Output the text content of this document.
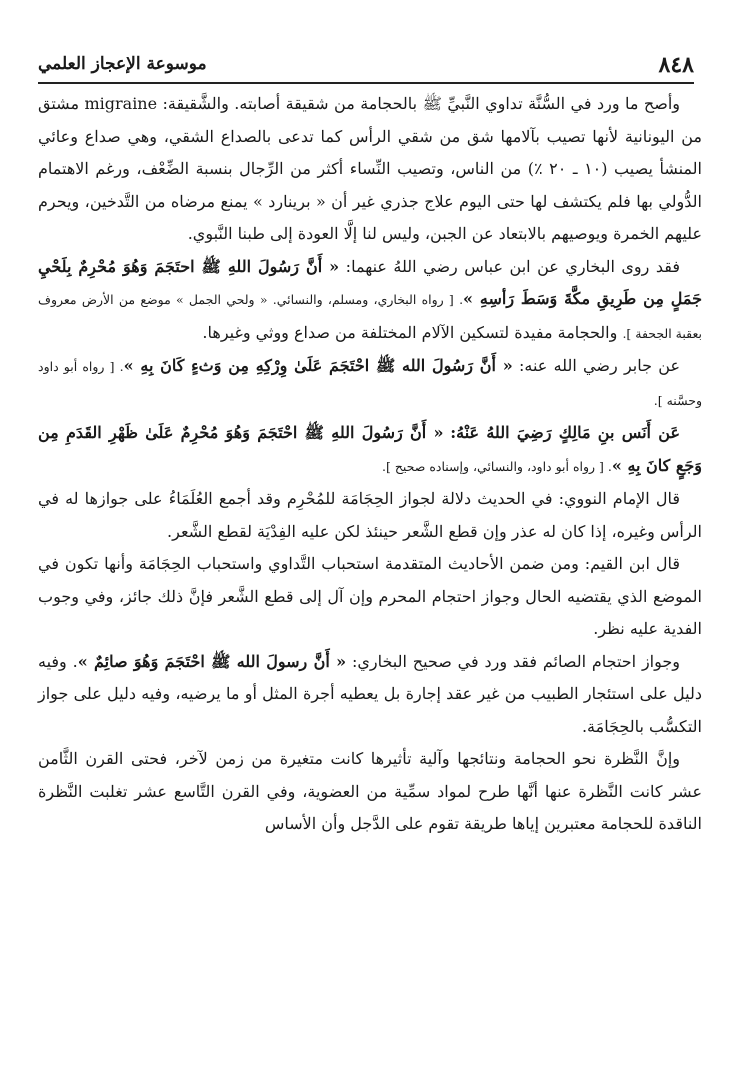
٨٤٨
موسوعة الإعجاز العلمي

وأصح ما ورد في السُّنَّة تداوي النَّبيِّ ﷺ بالحجامة من شقيقة أصابته. والشَّقيقة: migraine مشتق من اليونانية لأنها تصيب بآلامها شق من شقي الرأس كما تدعى بالصداع الشقي، وهي صداع وعائي المنشأ يصيب (١٠ ـ ٢٠ ٪) من الناس، وتصيب النِّساء أكثر من الرِّجال بنسبة الضِّعْف، ورغم الاهتمام الدُّولي بها فلم يكتشف لها حتى اليوم علاج جذري غير أن « برينارد » يمنع مرضاه من التَّدخين، ويحرم عليهم الخمرة ويوصيهم بالابتعاد عن الجبن، وليس لنا إلَّا العودة إلى طبنا النَّبوي.

فقد روى البخاري عن ابن عباس رضي اللهُ عنهما: « أَنَّ رَسُولَ اللهِ ﷺ احتَجَمَ وَهُوَ مُحْرِمٌ بِلَحْيِ جَمَلٍ مِن طَرِيقِ مكَّةَ وَسَطَ رَأسِهِ ». [ رواه البخاري، ومسلم، والنسائي. « ولحي الجمل » موضع من الأرض معروف بعقبة الجحفة ]. والحجامة مفيدة لتسكين الآلام المختلفة من صداع ووثي وغيرها.

عن جابر رضي الله عنه: « أَنَّ رَسُولَ الله ﷺ احْتَجَمَ عَلَىٰ وِرْكِهِ مِن وَثءٍ كَانَ بِهِ ». [ رواه أبو داود وحسَّنه ].

عَن أَنَس بنِ مَالِكٍ رَضِيَ اللهُ عَنْهُ: « أَنَّ رَسُولَ اللهِ ﷺ احْتَجَمَ وَهُوَ مُحْرِمٌ عَلَىٰ ظَهْرِ القَدَمِ مِن وَجَعٍ كانَ بِهِ ». [ رواه أبو داود، والنسائي، وإسناده صحيح ].

قال الإمام النووي: في الحديث دلالة لجواز الحِجَامَة للمُحْرِم وقد أجمع العُلَمَاءُ على جوازها له في الرأس وغيره، إذا كان له عذر وإن قطع الشَّعر حينئذ لكن عليه الفِدْيَة لقطع الشَّعر.

قال ابن القيم: ومن ضمن الأحاديث المتقدمة استحباب التَّداوي واستحباب الحِجَامَة وأنها تكون في الموضع الذي يقتضيه الحال وجواز احتجام المحرم وإن آل إلى قطع الشَّعر فإنَّ ذلك جائز، وفي وجوب الفدية عليه نظر.

وجواز احتجام الصائم فقد ورد في صحيح البخاري: « أَنَّ رسولَ الله ﷺ احْتَجَمَ وَهُوَ صائِمٌ ». وفيه دليل على استئجار الطبيب من غير عقد إجارة بل يعطيه أجرة المثل أو ما يرضيه، وفيه دليل على جواز التكسُّب بالحِجَامَة.

وإنَّ النَّظرة نحو الحجامة ونتائجها وآلية تأثيرها كانت متغيرة من زمن لآخر، فحتى القرن الثَّامن عشر كانت النَّظرة عنها أنَّها طرح لمواد سمِّية من العضوية، وفي القرن التَّاسع عشر تغلبت النَّظرة الناقدة للحجامة معتبرين إياها طريقة تقوم على الدَّجل وأن الأساس
